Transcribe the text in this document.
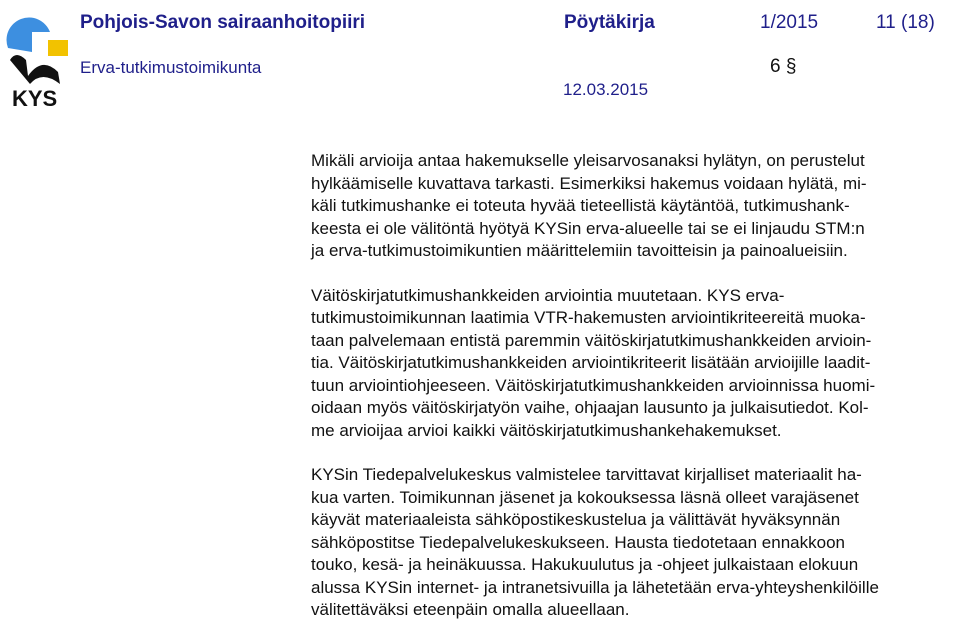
KYS
Pohjois-Savon sairaanhoitopiiri	Pöytäkirja	1/2015	11 (18)
Erva-tutkimustoimikunta	6 §
12.03.2015

Mikäli arvioija antaa hakemukselle yleisarvosanaksi hylätyn, on perustelut
hylkäämiselle kuvattava tarkasti. Esimerkiksi hakemus voidaan hylätä, mi-
käli tutkimushanke ei toteuta hyvää tieteellistä käytäntöä, tutkimushank-
keesta ei ole välitöntä hyötyä KYSin erva-alueelle tai se ei linjaudu STM:n
ja erva-tutkimustoimikuntien määrittelemiin tavoitteisin ja painoalueisiin.

Väitöskirjatutkimushankkeiden arviointia muutetaan. KYS erva-
tutkimustoimikunnan laatimia VTR-hakemusten arviointikriteereitä muoka-
taan palvelemaan entistä paremmin väitöskirjatutkimushankkeiden arvioin-
tia. Väitöskirjatutkimushankkeiden arviointikriteerit lisätään arvioijille laadit-
tuun arviointiohjeeseen. Väitöskirjatutkimushankkeiden arvioinnissa huomi-
oidaan myös väitöskirjatyön vaihe, ohjaajan lausunto ja julkaisutiedot. Kol-
me arvioijaa arvioi kaikki väitöskirjatutkimushankehakemukset.

KYSin Tiedepalvelukeskus valmistelee tarvittavat kirjalliset materiaalit ha-
kua varten. Toimikunnan jäsenet ja kokouksessa läsnä olleet varajäsenet
käyvät materiaaleista sähköpostikeskustelua ja välittävät hyväksynnän
sähköpostitse Tiedepalvelukeskukseen. Hausta tiedotetaan ennakkoon
touko, kesä- ja heinäkuussa. Hakukuulutus ja -ohjeet julkaistaan elokuun
alussa KYSin internet- ja intranetsivuilla ja lähetetään erva-yhteyshenkilöille
välitettäväksi eteenpäin omalla alueellaan.
